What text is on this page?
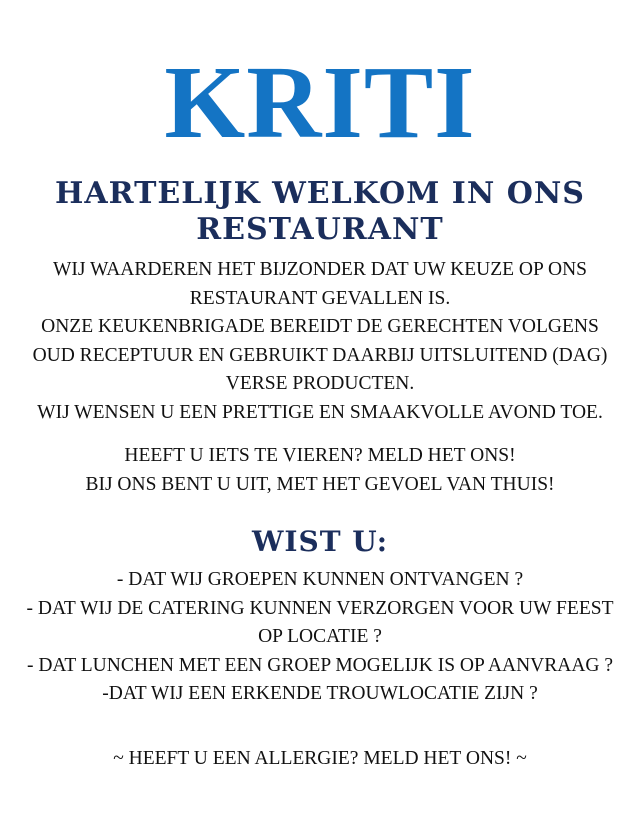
KRITI
HARTELIJK WELKOM IN ONS RESTAURANT

WIJ WAARDEREN HET BIJZONDER DAT UW KEUZE OP ONS RESTAURANT GEVALLEN IS.

ONZE KEUKENBRIGADE BEREIDT DE GERECHTEN VOLGENS OUD RECEPTUUR EN GEBRUIKT DAARBIJ UITSLUITEND (DAG) VERSE PRODUCTEN.

WIJ WENSEN U EEN PRETTIGE EN SMAAKVOLLE AVOND TOE.

HEEFT U IETS TE VIEREN? MELD HET ONS!

BIJ ONS BENT U UIT, MET HET GEVOEL VAN THUIS!

WIST U:

- DAT WIJ GROEPEN KUNNEN ONTVANGEN ?

- DAT WIJ DE CATERING KUNNEN VERZORGEN VOOR UW FEEST OP LOCATIE ?

- DAT LUNCHEN MET EEN GROEP MOGELIJK IS OP AANVRAAG ?

-DAT WIJ EEN ERKENDE TROUWLOCATIE ZIJN ?

~ HEEFT U EEN ALLERGIE? MELD HET ONS! ~
